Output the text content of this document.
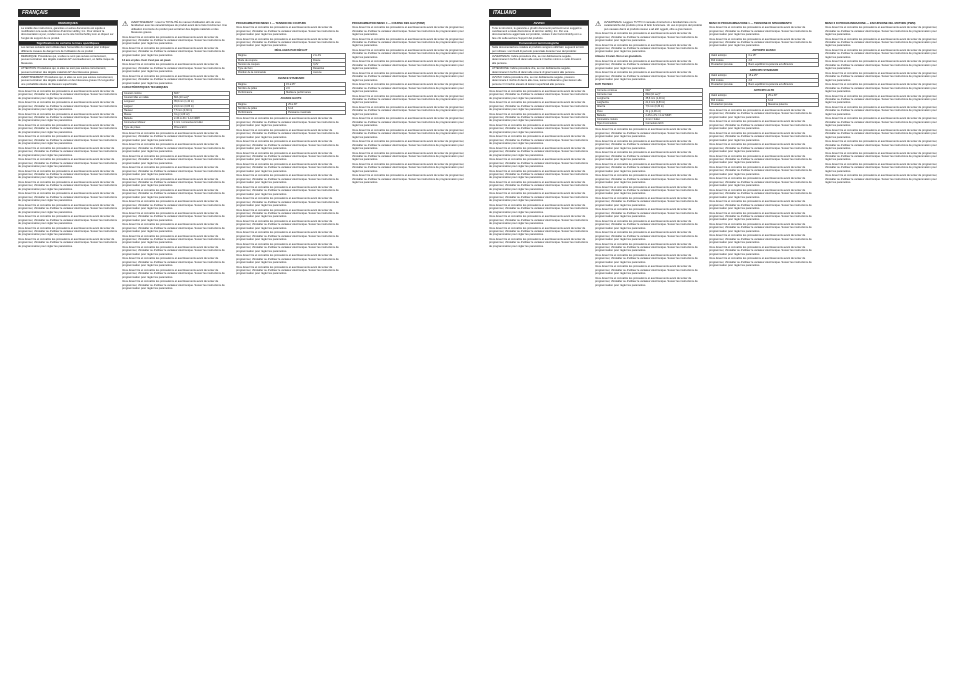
FRANÇAIS
REMARQUES
La totalité des instructions, garanties et autres documents est sujette à modification à la seule discrétion d'Horizon Hobby, Inc. Pour obtenir la documentation à jour, rendez-vous sur le site horizonhobby.com et cliquez sur l'onglet de support de ce produit.
Signification de certains termes spécifiques
Les termes suivants sont utilisés dans l'ensemble du manuel pour indiquer différents niveaux de danger lors de l'utilisation de ce produit :
REMARQUE: Procédures qui, si elles ne sont pas suivies correctement, peuvent entraîner des dégâts matériels ET éventuellement, un faible risque de blessures.
ATTENTION: Procédures qui, si elles ne sont pas suivies correctement, peuvent entraîner des dégâts matériels ET des blessures graves.
AVERTISSEMENT: Procédures qui, si elles ne sont pas suivies correctement, peuvent entraîner des dégâts matériels et des blessures graves OU engendrer une probabilité élevée de blessure superficielle.

Vous devez lire et connaître les précautions et avertissements avant de tenter de programmer, d'installer ou d'utiliser le variateur électronique. Suivez les instructions de programmation pour régler les paramètres.

Vous devez lire et connaître les précautions et avertissements avant de tenter de programmer, d'installer ou d'utiliser le variateur électronique. Suivez les instructions de programmation pour régler les paramètres.

Vous devez lire et connaître les précautions et avertissements avant de tenter de programmer, d'installer ou d'utiliser le variateur électronique. Suivez les instructions de programmation pour régler les paramètres.

Vous devez lire et connaître les précautions et avertissements avant de tenter de programmer, d'installer ou d'utiliser le variateur électronique. Suivez les instructions de programmation pour régler les paramètres.

Vous devez lire et connaître les précautions et avertissements avant de tenter de programmer, d'installer ou d'utiliser le variateur électronique. Suivez les instructions de programmation pour régler les paramètres.

Vous devez lire et connaître les précautions et avertissements avant de tenter de programmer, d'installer ou d'utiliser le variateur électronique. Suivez les instructions de programmation pour régler les paramètres.

Vous devez lire et connaître les précautions et avertissements avant de tenter de programmer, d'installer ou d'utiliser le variateur électronique. Suivez les instructions de programmation pour régler les paramètres.

Vous devez lire et connaître les précautions et avertissements avant de tenter de programmer, d'installer ou d'utiliser le variateur électronique. Suivez les instructions de programmation pour régler les paramètres.

Vous devez lire et connaître les précautions et avertissements avant de tenter de programmer, d'installer ou d'utiliser le variateur électronique. Suivez les instructions de programmation pour régler les paramètres.

Vous devez lire et connaître les précautions et avertissements avant de tenter de programmer, d'installer ou d'utiliser le variateur électronique. Suivez les instructions de programmation pour régler les paramètres.

Vous devez lire et connaître les précautions et avertissements avant de tenter de programmer, d'installer ou d'utiliser le variateur électronique. Suivez les instructions de programmation pour régler les paramètres.

Vous devez lire et connaître les précautions et avertissements avant de tenter de programmer, d'installer ou d'utiliser le variateur électronique. Suivez les instructions de programmation pour régler les paramètres.

Vous devez lire et connaître les précautions et avertissements avant de tenter de programmer, d'installer ou d'utiliser le variateur électronique. Suivez les instructions de programmation pour régler les paramètres.

Vous devez lire et connaître les précautions et avertissements avant de tenter de programmer, d'installer ou d'utiliser le variateur électronique. Suivez les instructions de programmation pour régler les paramètres.

⚠ AVERTISSEMENT : Lisez la TOTALITÉ du manuel d'utilisation afin de vous familiariser avec les caractéristiques du produit avant de le faire fonctionner. Une utilisation incorrecte du produit peut entraîner des dégâts matériels et des blessures graves.

Vous devez lire et connaître les précautions et avertissements avant de tenter de programmer, d'installer ou d'utiliser le variateur électronique. Suivez les instructions de programmation pour régler les paramètres.

Vous devez lire et connaître les précautions et avertissements avant de tenter de programmer, d'installer ou d'utiliser le variateur électronique. Suivez les instructions de programmation pour régler les paramètres.

14 ans et plus. Ceci n'est pas un jouet.

Vous devez lire et connaître les précautions et avertissements avant de tenter de programmer, d'installer ou d'utiliser le variateur électronique. Suivez les instructions de programmation pour régler les paramètres.

Vous devez lire et connaître les précautions et avertissements avant de tenter de programmer, d'installer ou d'utiliser le variateur électronique. Suivez les instructions de programmation pour régler les paramètres.

CARACTÉRISTIQUES TECHNIQUES

Courant continu	60A*
Courant Max en rafale	80A (10 sec)*
Longueur	35,6 mm (1,40 in)
Largeur	21,0 mm (0,83 in)
Hauteur	7,5 mm (0,30 in)
Masse	31 g (1,09 oz)
Batterie	2-4S Li-Po / 4-12 NiMH
Connecteur Moteur	4 mm / connecteurs bullet
Type de prises	Prises EC3

Vous devez lire et connaître les précautions et avertissements avant de tenter de programmer, d'installer ou d'utiliser le variateur électronique. Suivez les instructions de programmation pour régler les paramètres.

Vous devez lire et connaître les précautions et avertissements avant de tenter de programmer, d'installer ou d'utiliser le variateur électronique. Suivez les instructions de programmation pour régler les paramètres.

Vous devez lire et connaître les précautions et avertissements avant de tenter de programmer, d'installer ou d'utiliser le variateur électronique. Suivez les instructions de programmation pour régler les paramètres.

Vous devez lire et connaître les précautions et avertissements avant de tenter de programmer, d'installer ou d'utiliser le variateur électronique. Suivez les instructions de programmation pour régler les paramètres.

Vous devez lire et connaître les précautions et avertissements avant de tenter de programmer, d'installer ou d'utiliser le variateur électronique. Suivez les instructions de programmation pour régler les paramètres.

Vous devez lire et connaître les précautions et avertissements avant de tenter de programmer, d'installer ou d'utiliser le variateur électronique. Suivez les instructions de programmation pour régler les paramètres.

Vous devez lire et connaître les précautions et avertissements avant de tenter de programmer, d'installer ou d'utiliser le variateur électronique. Suivez les instructions de programmation pour régler les paramètres.

Vous devez lire et connaître les précautions et avertissements avant de tenter de programmer, d'installer ou d'utiliser le variateur électronique. Suivez les instructions de programmation pour régler les paramètres.

Vous devez lire et connaître les précautions et avertissements avant de tenter de programmer, d'installer ou d'utiliser le variateur électronique. Suivez les instructions de programmation pour régler les paramètres.

Vous devez lire et connaître les précautions et avertissements avant de tenter de programmer, d'installer ou d'utiliser le variateur électronique. Suivez les instructions de programmation pour régler les paramètres.

Vous devez lire et connaître les précautions et avertissements avant de tenter de programmer, d'installer ou d'utiliser le variateur électronique. Suivez les instructions de programmation pour régler les paramètres.

Vous devez lire et connaître les précautions et avertissements avant de tenter de programmer, d'installer ou d'utiliser le variateur électronique. Suivez les instructions de programmation pour régler les paramètres.

Vous devez lire et connaître les précautions et avertissements avant de tenter de programmer, d'installer ou d'utiliser le variateur électronique. Suivez les instructions de programmation pour régler les paramètres.

Vous devez lire et connaître les précautions et avertissements avant de tenter de programmer, d'installer ou d'utiliser le variateur électronique. Suivez les instructions de programmation pour régler les paramètres.

PROGRAMMATION MENU 1 — TENSION DE COUPURE

Vous devez lire et connaître les précautions et avertissements avant de tenter de programmer, d'installer ou d'utiliser le variateur électronique. Suivez les instructions de programmation pour régler les paramètres.

Vous devez lire et connaître les précautions et avertissements avant de tenter de programmer, d'installer ou d'utiliser le variateur électronique. Suivez les instructions de programmation pour régler les paramètres.

RÉGLAGES PAR DÉFAUT
Régime	2 Li-Po
Mode de coupure	Douce
Tension de coupure	3,2V
Type de frein	Désactivé
Position de la commande	Aucune
AVANCE STANDARD
Régime	15 à 25°
Nombre de pôles	2-6
Performance	Meilleure performance
AVANCE HAUTE
Régime	25 à 30°
Nombre de pôles	6-14
Performance	Puissance maximale

Vous devez lire et connaître les précautions et avertissements avant de tenter de programmer, d'installer ou d'utiliser le variateur électronique. Suivez les instructions de programmation pour régler les paramètres.

Vous devez lire et connaître les précautions et avertissements avant de tenter de programmer, d'installer ou d'utiliser le variateur électronique. Suivez les instructions de programmation pour régler les paramètres.

Vous devez lire et connaître les précautions et avertissements avant de tenter de programmer, d'installer ou d'utiliser le variateur électronique. Suivez les instructions de programmation pour régler les paramètres.

Vous devez lire et connaître les précautions et avertissements avant de tenter de programmer, d'installer ou d'utiliser le variateur électronique. Suivez les instructions de programmation pour régler les paramètres.

Vous devez lire et connaître les précautions et avertissements avant de tenter de programmer, d'installer ou d'utiliser le variateur électronique. Suivez les instructions de programmation pour régler les paramètres.

Vous devez lire et connaître les précautions et avertissements avant de tenter de programmer, d'installer ou d'utiliser le variateur électronique. Suivez les instructions de programmation pour régler les paramètres.

Vous devez lire et connaître les précautions et avertissements avant de tenter de programmer, d'installer ou d'utiliser le variateur électronique. Suivez les instructions de programmation pour régler les paramètres.

Vous devez lire et connaître les précautions et avertissements avant de tenter de programmer, d'installer ou d'utiliser le variateur électronique. Suivez les instructions de programmation pour régler les paramètres.

Vous devez lire et connaître les précautions et avertissements avant de tenter de programmer, d'installer ou d'utiliser le variateur électronique. Suivez les instructions de programmation pour régler les paramètres.

Vous devez lire et connaître les précautions et avertissements avant de tenter de programmer, d'installer ou d'utiliser le variateur électronique. Suivez les instructions de programmation pour régler les paramètres.

Vous devez lire et connaître les précautions et avertissements avant de tenter de programmer, d'installer ou d'utiliser le variateur électronique. Suivez les instructions de programmation pour régler les paramètres.

Vous devez lire et connaître les précautions et avertissements avant de tenter de programmer, d'installer ou d'utiliser le variateur électronique. Suivez les instructions de programmation pour régler les paramètres.

Vous devez lire et connaître les précautions et avertissements avant de tenter de programmer, d'installer ou d'utiliser le variateur électronique. Suivez les instructions de programmation pour régler les paramètres.

Vous devez lire et connaître les précautions et avertissements avant de tenter de programmer, d'installer ou d'utiliser le variateur électronique. Suivez les instructions de programmation pour régler les paramètres.

PROGRAMMATION MENU 4 — COURSE DES GAZ (PWM)

Vous devez lire et connaître les précautions et avertissements avant de tenter de programmer, d'installer ou d'utiliser le variateur électronique. Suivez les instructions de programmation pour régler les paramètres.

Vous devez lire et connaître les précautions et avertissements avant de tenter de programmer, d'installer ou d'utiliser le variateur électronique. Suivez les instructions de programmation pour régler les paramètres.

Vous devez lire et connaître les précautions et avertissements avant de tenter de programmer, d'installer ou d'utiliser le variateur électronique. Suivez les instructions de programmation pour régler les paramètres.

Vous devez lire et connaître les précautions et avertissements avant de tenter de programmer, d'installer ou d'utiliser le variateur électronique. Suivez les instructions de programmation pour régler les paramètres.

Vous devez lire et connaître les précautions et avertissements avant de tenter de programmer, d'installer ou d'utiliser le variateur électronique. Suivez les instructions de programmation pour régler les paramètres.

Vous devez lire et connaître les précautions et avertissements avant de tenter de programmer, d'installer ou d'utiliser le variateur électronique. Suivez les instructions de programmation pour régler les paramètres.

Vous devez lire et connaître les précautions et avertissements avant de tenter de programmer, d'installer ou d'utiliser le variateur électronique. Suivez les instructions de programmation pour régler les paramètres.

Vous devez lire et connaître les précautions et avertissements avant de tenter de programmer, d'installer ou d'utiliser le variateur électronique. Suivez les instructions de programmation pour régler les paramètres.

Vous devez lire et connaître les précautions et avertissements avant de tenter de programmer, d'installer ou d'utiliser le variateur électronique. Suivez les instructions de programmation pour régler les paramètres.

Vous devez lire et connaître les précautions et avertissements avant de tenter de programmer, d'installer ou d'utiliser le variateur électronique. Suivez les instructions de programmation pour régler les paramètres.

Vous devez lire et connaître les précautions et avertissements avant de tenter de programmer, d'installer ou d'utiliser le variateur électronique. Suivez les instructions de programmation pour régler les paramètres.

Vous devez lire et connaître les précautions et avertissements avant de tenter de programmer, d'installer ou d'utiliser le variateur électronique. Suivez les instructions de programmation pour régler les paramètres.

Vous devez lire et connaître les précautions et avertissements avant de tenter de programmer, d'installer ou d'utiliser le variateur électronique. Suivez les instructions de programmation pour régler les paramètres.

Vous devez lire et connaître les précautions et avertissements avant de tenter de programmer, d'installer ou d'utiliser le variateur électronique. Suivez les instructions de programmation pour régler les paramètres.

ITALIANO
AVVISO
Tutte le istruzioni, le garanzie e gli altri documenti pertinenti sono soggetti a cambiamenti a totale discrezione di Horizon Hobby, Inc. Per una documentazione aggiornata sul prodotto, visitare il sito horizonhobby.com e fare clic sulla sezione Support del prodotto.
Convenzioni terminologiche
Nella documentazione relativa al prodotto vengono utilizzati i seguenti termini per indicare i vari livelli di pericolo potenziale durante l'uso del prodotto:
AVVERTENZA: Indica procedure che, se non debitamente seguite, determinano il rischio di danni alle cose E il rischio minimo o nullo di lesioni alle persone.
ATTENZIONE: Indica procedure che, se non debitamente seguite, determinano il rischio di danni alle cose E di gravi lesioni alle persone.
AVVISO: Indica procedure che, se non debitamente seguite, possono determinare il rischio di danni alle cose, lesioni collaterali e gravi lesioni alle persone O il rischio elevato di lesioni superficiali alle persone.

Vous devez lire et connaître les précautions et avertissements avant de tenter de programmer, d'installer ou d'utiliser le variateur électronique. Suivez les instructions de programmation pour régler les paramètres.

Vous devez lire et connaître les précautions et avertissements avant de tenter de programmer, d'installer ou d'utiliser le variateur électronique. Suivez les instructions de programmation pour régler les paramètres.

Vous devez lire et connaître les précautions et avertissements avant de tenter de programmer, d'installer ou d'utiliser le variateur électronique. Suivez les instructions de programmation pour régler les paramètres.

Vous devez lire et connaître les précautions et avertissements avant de tenter de programmer, d'installer ou d'utiliser le variateur électronique. Suivez les instructions de programmation pour régler les paramètres.

Vous devez lire et connaître les précautions et avertissements avant de tenter de programmer, d'installer ou d'utiliser le variateur électronique. Suivez les instructions de programmation pour régler les paramètres.

Vous devez lire et connaître les précautions et avertissements avant de tenter de programmer, d'installer ou d'utiliser le variateur électronique. Suivez les instructions de programmation pour régler les paramètres.

Vous devez lire et connaître les précautions et avertissements avant de tenter de programmer, d'installer ou d'utiliser le variateur électronique. Suivez les instructions de programmation pour régler les paramètres.

Vous devez lire et connaître les précautions et avertissements avant de tenter de programmer, d'installer ou d'utiliser le variateur électronique. Suivez les instructions de programmation pour régler les paramètres.

Vous devez lire et connaître les précautions et avertissements avant de tenter de programmer, d'installer ou d'utiliser le variateur électronique. Suivez les instructions de programmation pour régler les paramètres.

Vous devez lire et connaître les précautions et avertissements avant de tenter de programmer, d'installer ou d'utiliser le variateur électronique. Suivez les instructions de programmation pour régler les paramètres.

Vous devez lire et connaître les précautions et avertissements avant de tenter de programmer, d'installer ou d'utiliser le variateur électronique. Suivez les instructions de programmation pour régler les paramètres.

Vous devez lire et connaître les précautions et avertissements avant de tenter de programmer, d'installer ou d'utiliser le variateur électronique. Suivez les instructions de programmation pour régler les paramètres.

Vous devez lire et connaître les précautions et avertissements avant de tenter de programmer, d'installer ou d'utiliser le variateur électronique. Suivez les instructions de programmation pour régler les paramètres.

Vous devez lire et connaître les précautions et avertissements avant de tenter de programmer, d'installer ou d'utiliser le variateur électronique. Suivez les instructions de programmation pour régler les paramètres.

⚠ AVVERTENZA: Leggere TUTTO il manuale di istruzioni e familiarizzare con le caratteristiche del prodotto prima di farlo funzionare. Un uso improprio del prodotto può causare danni al prodotto stesso e ad altri oggetti, oltre a gravi lesioni.

Vous devez lire et connaître les précautions et avertissements avant de tenter de programmer, d'installer ou d'utiliser le variateur électronique. Suivez les instructions de programmation pour régler les paramètres.

Vous devez lire et connaître les précautions et avertissements avant de tenter de programmer, d'installer ou d'utiliser le variateur électronique. Suivez les instructions de programmation pour régler les paramètres.

Almeno 14 anni. Non è un giocattolo.

Vous devez lire et connaître les précautions et avertissements avant de tenter de programmer, d'installer ou d'utiliser le variateur électronique. Suivez les instructions de programmation pour régler les paramètres.

Vous devez lire et connaître les précautions et avertissements avant de tenter de programmer, d'installer ou d'utiliser le variateur électronique. Suivez les instructions de programmation pour régler les paramètres.

DATI TECNICI

Corrente continua	60A*
Corrente max	80A (10 sec)*
Lunghezza	35,6 mm (1,40 in)
Larghezza	21,0 mm (0,83 in)
Altezza	7,5 mm (0,30 in)
Peso	31 g (1,09 oz)
Batteria	2-4S Li-Po / 4-12 NiMH
Connettore motore	4 mm / bullet
Tipo di connettore	Connettore EC3

Vous devez lire et connaître les précautions et avertissements avant de tenter de programmer, d'installer ou d'utiliser le variateur électronique. Suivez les instructions de programmation pour régler les paramètres.

Vous devez lire et connaître les précautions et avertissements avant de tenter de programmer, d'installer ou d'utiliser le variateur électronique. Suivez les instructions de programmation pour régler les paramètres.

Vous devez lire et connaître les précautions et avertissements avant de tenter de programmer, d'installer ou d'utiliser le variateur électronique. Suivez les instructions de programmation pour régler les paramètres.

Vous devez lire et connaître les précautions et avertissements avant de tenter de programmer, d'installer ou d'utiliser le variateur électronique. Suivez les instructions de programmation pour régler les paramètres.

Vous devez lire et connaître les précautions et avertissements avant de tenter de programmer, d'installer ou d'utiliser le variateur électronique. Suivez les instructions de programmation pour régler les paramètres.

Vous devez lire et connaître les précautions et avertissements avant de tenter de programmer, d'installer ou d'utiliser le variateur électronique. Suivez les instructions de programmation pour régler les paramètres.

Vous devez lire et connaître les précautions et avertissements avant de tenter de programmer, d'installer ou d'utiliser le variateur électronique. Suivez les instructions de programmation pour régler les paramètres.

Vous devez lire et connaître les précautions et avertissements avant de tenter de programmer, d'installer ou d'utiliser le variateur électronique. Suivez les instructions de programmation pour régler les paramètres.

Vous devez lire et connaître les précautions et avertissements avant de tenter de programmer, d'installer ou d'utiliser le variateur électronique. Suivez les instructions de programmation pour régler les paramètres.

Vous devez lire et connaître les précautions et avertissements avant de tenter de programmer, d'installer ou d'utiliser le variateur électronique. Suivez les instructions de programmation pour régler les paramètres.

Vous devez lire et connaître les précautions et avertissements avant de tenter de programmer, d'installer ou d'utiliser le variateur électronique. Suivez les instructions de programmation pour régler les paramètres.

Vous devez lire et connaître les précautions et avertissements avant de tenter de programmer, d'installer ou d'utiliser le variateur électronique. Suivez les instructions de programmation pour régler les paramètres.

Vous devez lire et connaître les précautions et avertissements avant de tenter de programmer, d'installer ou d'utiliser le variateur électronique. Suivez les instructions de programmation pour régler les paramètres.

Vous devez lire et connaître les précautions et avertissements avant de tenter de programmer, d'installer ou d'utiliser le variateur électronique. Suivez les instructions de programmation pour régler les paramètres.

MENU DI PROGRAMMAZIONE 1 — TENSIONE DI SPEGNIMENTO

Vous devez lire et connaître les précautions et avertissements avant de tenter de programmer, d'installer ou d'utiliser le variateur électronique. Suivez les instructions de programmation pour régler les paramètres.

Vous devez lire et connaître les précautions et avertissements avant de tenter de programmer, d'installer ou d'utiliser le variateur électronique. Suivez les instructions de programmation pour régler les paramètres.

ANTICIPO BASSO
Valori anticipo	0 a 15°
Poli motore	2-6
Prestazioni previste	Buon equilibrio tra potenza ed efficienza
ANTICIPO STANDARD
Valori anticipo	15 a 25°
Poli motore	2-6
Prestazioni previste	Buon equilibrio tra potenza ed efficienza
ANTICIPO ALTO
Valori anticipo	25 a 30°
Poli motore	6-14
Prestazioni previste	Massima potenza

Vous devez lire et connaître les précautions et avertissements avant de tenter de programmer, d'installer ou d'utiliser le variateur électronique. Suivez les instructions de programmation pour régler les paramètres.

Vous devez lire et connaître les précautions et avertissements avant de tenter de programmer, d'installer ou d'utiliser le variateur électronique. Suivez les instructions de programmation pour régler les paramètres.

Vous devez lire et connaître les précautions et avertissements avant de tenter de programmer, d'installer ou d'utiliser le variateur électronique. Suivez les instructions de programmation pour régler les paramètres.

Vous devez lire et connaître les précautions et avertissements avant de tenter de programmer, d'installer ou d'utiliser le variateur électronique. Suivez les instructions de programmation pour régler les paramètres.

Vous devez lire et connaître les précautions et avertissements avant de tenter de programmer, d'installer ou d'utiliser le variateur électronique. Suivez les instructions de programmation pour régler les paramètres.

Vous devez lire et connaître les précautions et avertissements avant de tenter de programmer, d'installer ou d'utiliser le variateur électronique. Suivez les instructions de programmation pour régler les paramètres.

Vous devez lire et connaître les précautions et avertissements avant de tenter de programmer, d'installer ou d'utiliser le variateur électronique. Suivez les instructions de programmation pour régler les paramètres.

Vous devez lire et connaître les précautions et avertissements avant de tenter de programmer, d'installer ou d'utiliser le variateur électronique. Suivez les instructions de programmation pour régler les paramètres.

Vous devez lire et connaître les précautions et avertissements avant de tenter de programmer, d'installer ou d'utiliser le variateur électronique. Suivez les instructions de programmation pour régler les paramètres.

Vous devez lire et connaître les précautions et avertissements avant de tenter de programmer, d'installer ou d'utiliser le variateur électronique. Suivez les instructions de programmation pour régler les paramètres.

Vous devez lire et connaître les précautions et avertissements avant de tenter de programmer, d'installer ou d'utiliser le variateur électronique. Suivez les instructions de programmation pour régler les paramètres.

Vous devez lire et connaître les précautions et avertissements avant de tenter de programmer, d'installer ou d'utiliser le variateur électronique. Suivez les instructions de programmation pour régler les paramètres.

Vous devez lire et connaître les précautions et avertissements avant de tenter de programmer, d'installer ou d'utiliser le variateur électronique. Suivez les instructions de programmation pour régler les paramètres.

Vous devez lire et connaître les précautions et avertissements avant de tenter de programmer, d'installer ou d'utiliser le variateur électronique. Suivez les instructions de programmation pour régler les paramètres.

MENU 6 DI PROGRAMMAZIONE — ESCURSIONE DEL MOTORE (PWM)

Vous devez lire et connaître les précautions et avertissements avant de tenter de programmer, d'installer ou d'utiliser le variateur électronique. Suivez les instructions de programmation pour régler les paramètres.

Vous devez lire et connaître les précautions et avertissements avant de tenter de programmer, d'installer ou d'utiliser le variateur électronique. Suivez les instructions de programmation pour régler les paramètres.

Vous devez lire et connaître les précautions et avertissements avant de tenter de programmer, d'installer ou d'utiliser le variateur électronique. Suivez les instructions de programmation pour régler les paramètres.

Vous devez lire et connaître les précautions et avertissements avant de tenter de programmer, d'installer ou d'utiliser le variateur électronique. Suivez les instructions de programmation pour régler les paramètres.

Vous devez lire et connaître les précautions et avertissements avant de tenter de programmer, d'installer ou d'utiliser le variateur électronique. Suivez les instructions de programmation pour régler les paramètres.

Vous devez lire et connaître les précautions et avertissements avant de tenter de programmer, d'installer ou d'utiliser le variateur électronique. Suivez les instructions de programmation pour régler les paramètres.

Vous devez lire et connaître les précautions et avertissements avant de tenter de programmer, d'installer ou d'utiliser le variateur électronique. Suivez les instructions de programmation pour régler les paramètres.

Vous devez lire et connaître les précautions et avertissements avant de tenter de programmer, d'installer ou d'utiliser le variateur électronique. Suivez les instructions de programmation pour régler les paramètres.

Vous devez lire et connaître les précautions et avertissements avant de tenter de programmer, d'installer ou d'utiliser le variateur électronique. Suivez les instructions de programmation pour régler les paramètres.

Vous devez lire et connaître les précautions et avertissements avant de tenter de programmer, d'installer ou d'utiliser le variateur électronique. Suivez les instructions de programmation pour régler les paramètres.

Vous devez lire et connaître les précautions et avertissements avant de tenter de programmer, d'installer ou d'utiliser le variateur électronique. Suivez les instructions de programmation pour régler les paramètres.

Vous devez lire et connaître les précautions et avertissements avant de tenter de programmer, d'installer ou d'utiliser le variateur électronique. Suivez les instructions de programmation pour régler les paramètres.

Vous devez lire et connaître les précautions et avertissements avant de tenter de programmer, d'installer ou d'utiliser le variateur électronique. Suivez les instructions de programmation pour régler les paramètres.

Vous devez lire et connaître les précautions et avertissements avant de tenter de programmer, d'installer ou d'utiliser le variateur électronique. Suivez les instructions de programmation pour régler les paramètres.
